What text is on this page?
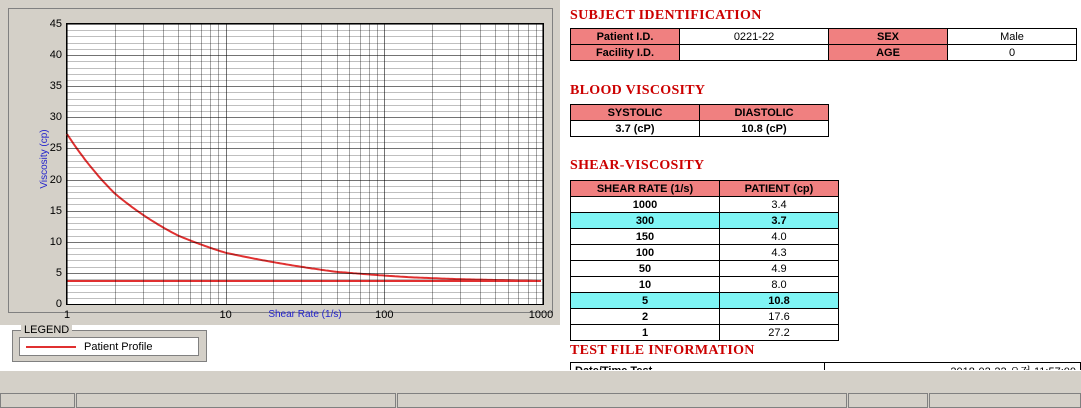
Viscosity (cp)
0
5
10
15
20
25
30
35
40
45
1	10	100	1000
Shear Rate (1/s)
LEGEND
Patient Profile
SUBJECT IDENTIFICATION
Patient I.D.	0221-22	SEX	Male
Facility I.D.		AGE	0
BLOOD VISCOSITY
SYSTOLIC	DIASTOLIC
3.7 (cP)	10.8 (cP)
SHEAR-VISCOSITY
SHEAR RATE (1/s)	PATIENT (cp)
1000	3.4
300	3.7
150	4.0
100	4.3
50	4.9
10	8.0
5	10.8
2	17.6
1	27.2
TEST FILE INFORMATION
